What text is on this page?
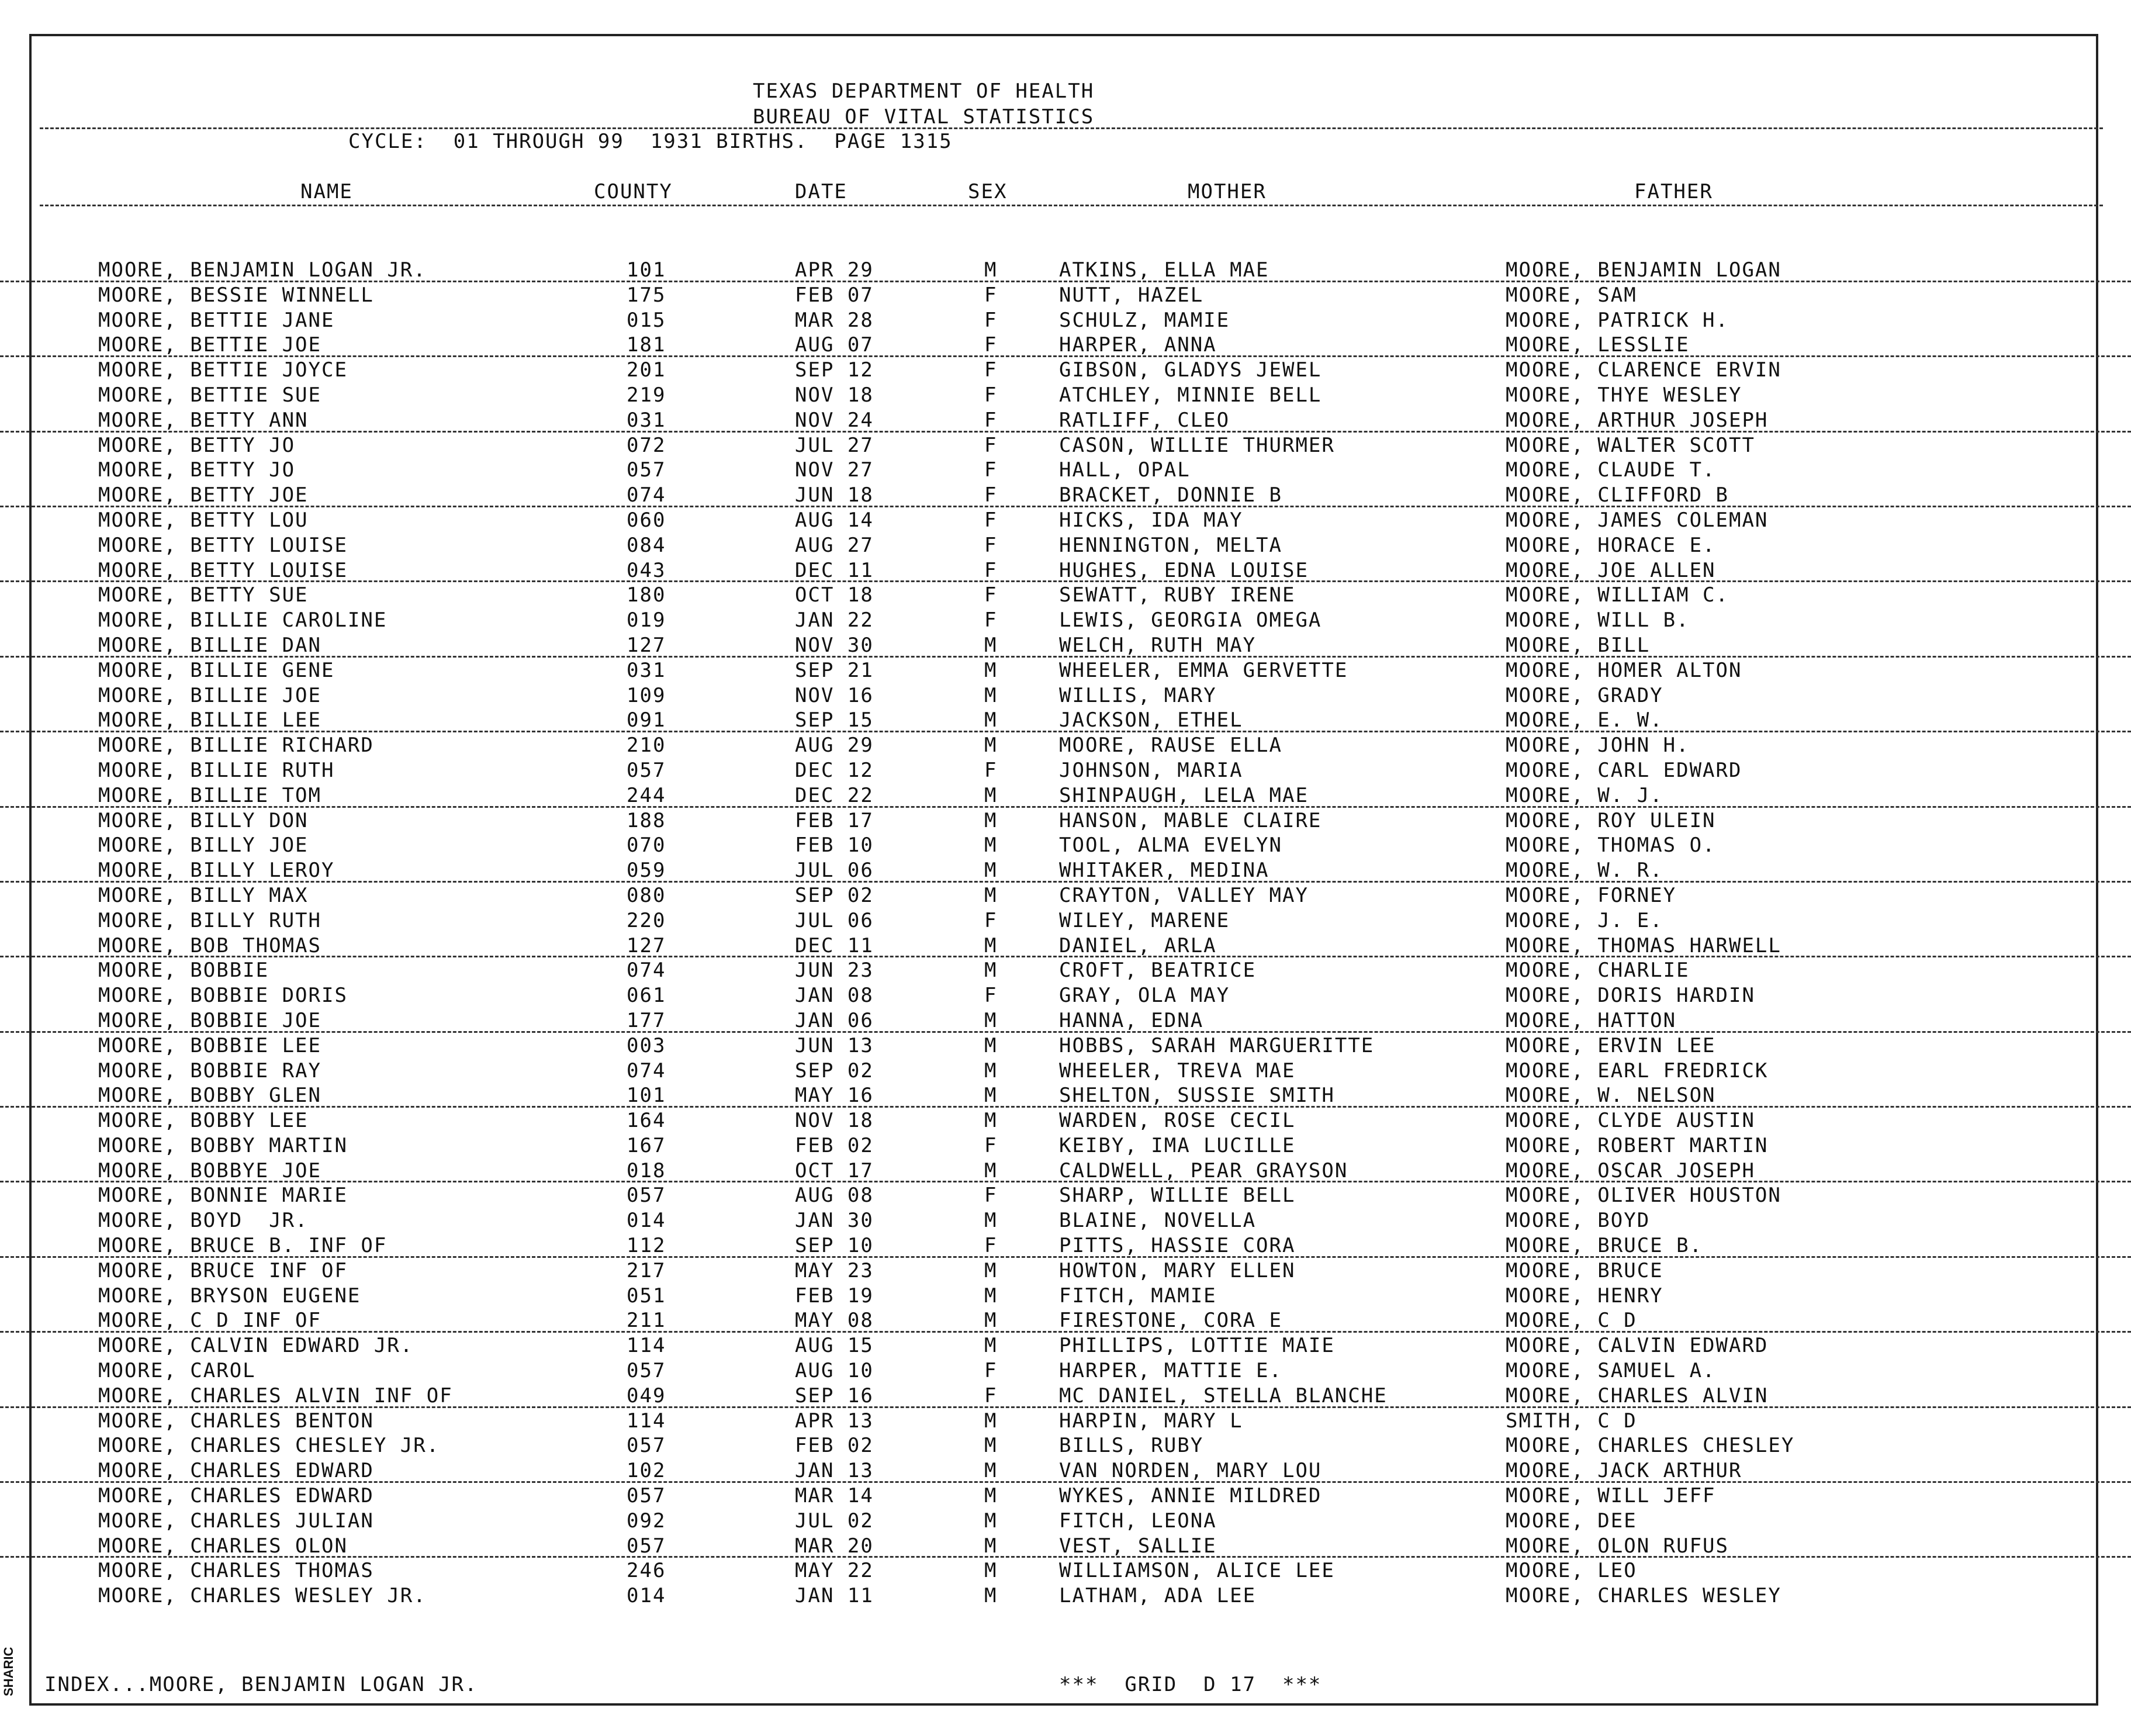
TEXAS DEPARTMENT OF HEALTH
BUREAU OF VITAL STATISTICS
CYCLE:  01 THROUGH 99  1931 BIRTHS.  PAGE 1315
NAME	COUNTY	DATE	SEX	MOTHER	FATHER
MOORE, BENJAMIN LOGAN JR.	101	APR 29	M	ATKINS, ELLA MAE	MOORE, BENJAMIN LOGAN
MOORE, BESSIE WINNELL	175	FEB 07	F	NUTT, HAZEL	MOORE, SAM
MOORE, BETTIE JANE	015	MAR 28	F	SCHULZ, MAMIE	MOORE, PATRICK H.
MOORE, BETTIE JOE	181	AUG 07	F	HARPER, ANNA	MOORE, LESSLIE
MOORE, BETTIE JOYCE	201	SEP 12	F	GIBSON, GLADYS JEWEL	MOORE, CLARENCE ERVIN
MOORE, BETTIE SUE	219	NOV 18	F	ATCHLEY, MINNIE BELL	MOORE, THYE WESLEY
MOORE, BETTY ANN	031	NOV 24	F	RATLIFF, CLEO	MOORE, ARTHUR JOSEPH
MOORE, BETTY JO	072	JUL 27	F	CASON, WILLIE THURMER	MOORE, WALTER SCOTT
MOORE, BETTY JO	057	NOV 27	F	HALL, OPAL	MOORE, CLAUDE T.
MOORE, BETTY JOE	074	JUN 18	F	BRACKET, DONNIE B	MOORE, CLIFFORD B
MOORE, BETTY LOU	060	AUG 14	F	HICKS, IDA MAY	MOORE, JAMES COLEMAN
MOORE, BETTY LOUISE	084	AUG 27	F	HENNINGTON, MELTA	MOORE, HORACE E.
MOORE, BETTY LOUISE	043	DEC 11	F	HUGHES, EDNA LOUISE	MOORE, JOE ALLEN
MOORE, BETTY SUE	180	OCT 18	F	SEWATT, RUBY IRENE	MOORE, WILLIAM C.
MOORE, BILLIE CAROLINE	019	JAN 22	F	LEWIS, GEORGIA OMEGA	MOORE, WILL B.
MOORE, BILLIE DAN	127	NOV 30	M	WELCH, RUTH MAY	MOORE, BILL
MOORE, BILLIE GENE	031	SEP 21	M	WHEELER, EMMA GERVETTE	MOORE, HOMER ALTON
MOORE, BILLIE JOE	109	NOV 16	M	WILLIS, MARY	MOORE, GRADY
MOORE, BILLIE LEE	091	SEP 15	M	JACKSON, ETHEL	MOORE, E. W.
MOORE, BILLIE RICHARD	210	AUG 29	M	MOORE, RAUSE ELLA	MOORE, JOHN H.
MOORE, BILLIE RUTH	057	DEC 12	F	JOHNSON, MARIA	MOORE, CARL EDWARD
MOORE, BILLIE TOM	244	DEC 22	M	SHINPAUGH, LELA MAE	MOORE, W. J.
MOORE, BILLY DON	188	FEB 17	M	HANSON, MABLE CLAIRE	MOORE, ROY ULEIN
MOORE, BILLY JOE	070	FEB 10	M	TOOL, ALMA EVELYN	MOORE, THOMAS O.
MOORE, BILLY LEROY	059	JUL 06	M	WHITAKER, MEDINA	MOORE, W. R.
MOORE, BILLY MAX	080	SEP 02	M	CRAYTON, VALLEY MAY	MOORE, FORNEY
MOORE, BILLY RUTH	220	JUL 06	F	WILEY, MARENE	MOORE, J. E.
MOORE, BOB THOMAS	127	DEC 11	M	DANIEL, ARLA	MOORE, THOMAS HARWELL
MOORE, BOBBIE	074	JUN 23	M	CROFT, BEATRICE	MOORE, CHARLIE
MOORE, BOBBIE DORIS	061	JAN 08	F	GRAY, OLA MAY	MOORE, DORIS HARDIN
MOORE, BOBBIE JOE	177	JAN 06	M	HANNA, EDNA	MOORE, HATTON
MOORE, BOBBIE LEE	003	JUN 13	M	HOBBS, SARAH MARGUERITTE	MOORE, ERVIN LEE
MOORE, BOBBIE RAY	074	SEP 02	M	WHEELER, TREVA MAE	MOORE, EARL FREDRICK
MOORE, BOBBY GLEN	101	MAY 16	M	SHELTON, SUSSIE SMITH	MOORE, W. NELSON
MOORE, BOBBY LEE	164	NOV 18	M	WARDEN, ROSE CECIL	MOORE, CLYDE AUSTIN
MOORE, BOBBY MARTIN	167	FEB 02	F	KEIBY, IMA LUCILLE	MOORE, ROBERT MARTIN
MOORE, BOBBYE JOE	018	OCT 17	M	CALDWELL, PEAR GRAYSON	MOORE, OSCAR JOSEPH
MOORE, BONNIE MARIE	057	AUG 08	F	SHARP, WILLIE BELL	MOORE, OLIVER HOUSTON
MOORE, BOYD  JR.	014	JAN 30	M	BLAINE, NOVELLA	MOORE, BOYD
MOORE, BRUCE B. INF OF	112	SEP 10	F	PITTS, HASSIE CORA	MOORE, BRUCE B.
MOORE, BRUCE INF OF	217	MAY 23	M	HOWTON, MARY ELLEN	MOORE, BRUCE
MOORE, BRYSON EUGENE	051	FEB 19	M	FITCH, MAMIE	MOORE, HENRY
MOORE, C D INF OF	211	MAY 08	M	FIRESTONE, CORA E	MOORE, C D
MOORE, CALVIN EDWARD JR.	114	AUG 15	M	PHILLIPS, LOTTIE MAIE	MOORE, CALVIN EDWARD
MOORE, CAROL	057	AUG 10	F	HARPER, MATTIE E.	MOORE, SAMUEL A.
MOORE, CHARLES ALVIN INF OF	049	SEP 16	F	MC DANIEL, STELLA BLANCHE	MOORE, CHARLES ALVIN
MOORE, CHARLES BENTON	114	APR 13	M	HARPIN, MARY L	SMITH, C D
MOORE, CHARLES CHESLEY JR.	057	FEB 02	M	BILLS, RUBY	MOORE, CHARLES CHESLEY
MOORE, CHARLES EDWARD	102	JAN 13	M	VAN NORDEN, MARY LOU	MOORE, JACK ARTHUR
MOORE, CHARLES EDWARD	057	MAR 14	M	WYKES, ANNIE MILDRED	MOORE, WILL JEFF
MOORE, CHARLES JULIAN	092	JUL 02	M	FITCH, LEONA	MOORE, DEE
MOORE, CHARLES OLON	057	MAR 20	M	VEST, SALLIE	MOORE, OLON RUFUS
MOORE, CHARLES THOMAS	246	MAY 22	M	WILLIAMSON, ALICE LEE	MOORE, LEO
MOORE, CHARLES WESLEY JR.	014	JAN 11	M	LATHAM, ADA LEE	MOORE, CHARLES WESLEY
INDEX...MOORE, BENJAMIN LOGAN JR.	***  GRID  D 17  ***
SHARIC
